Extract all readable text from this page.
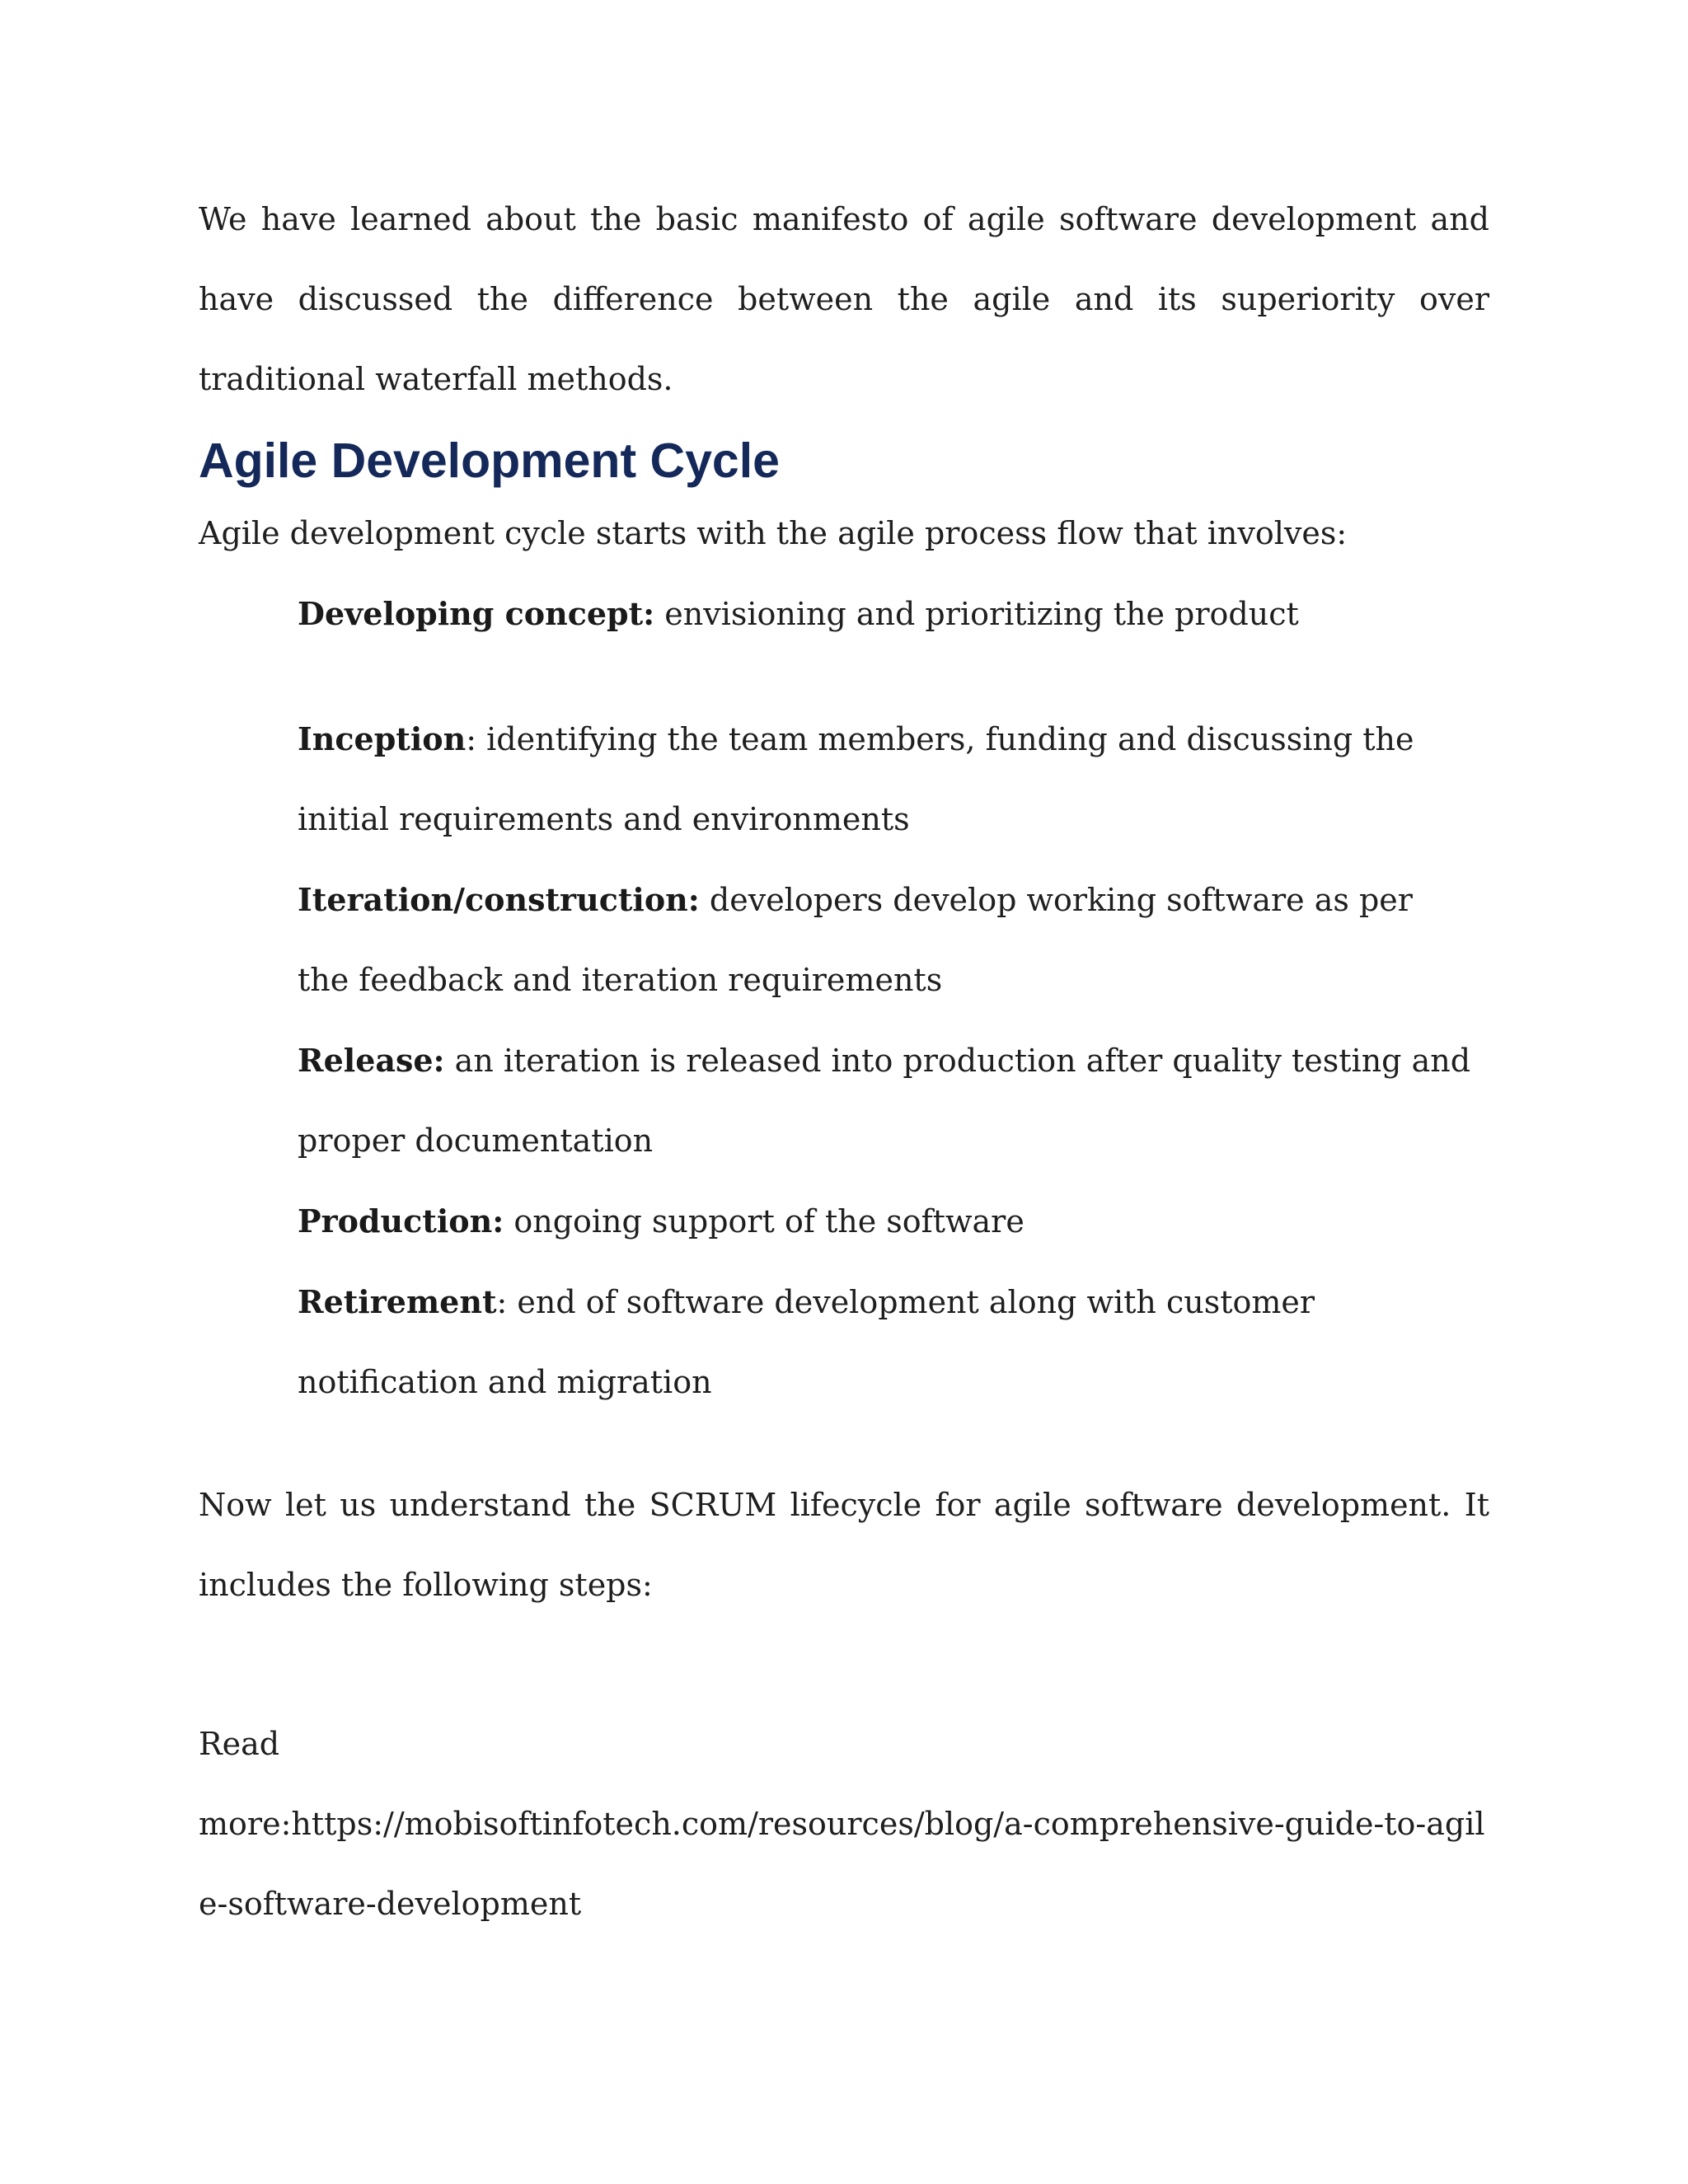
We have learned about the basic manifesto of agile software development and have discussed the difference between the agile and its superiority over traditional waterfall methods.

Agile Development Cycle

Agile development cycle starts with the agile process flow that involves:

Developing concept: envisioning and prioritizing the product
Inception: identifying the team members, funding and discussing the initial requirements and environments
Iteration/construction: developers develop working software as per the feedback and iteration requirements
Release: an iteration is released into production after quality testing and proper documentation
Production: ongoing support of the software
Retirement: end of software development along with customer notification and migration

Now let us understand the SCRUM lifecycle for agile software development. It includes the following steps:

Read
more:https://mobisoftinfotech.com/resources/blog/a-comprehensive-guide-to-agile-software-development
